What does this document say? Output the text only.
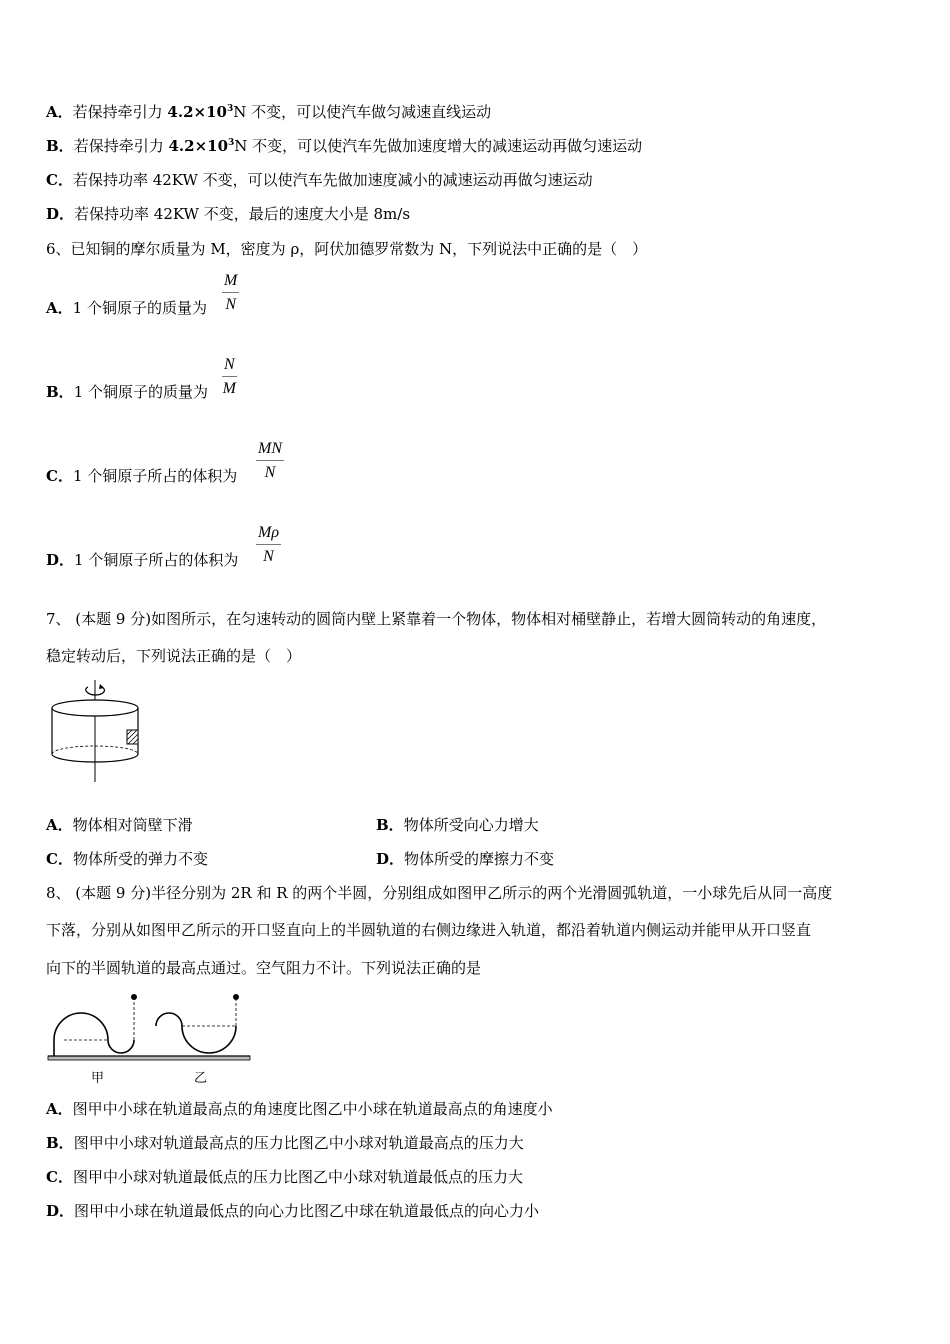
A．若保持牵引力 $4.2\times 10^3N$ 不变，可以使汽车做匀减速直线运动
B．若保持牵引力 $4.2\times 10^3N$ 不变，可以使汽车先做加速度增大的减速运动再做匀速运动
C．若保持功率 42KW 不变，可以使汽车先做加速度减小的减速运动再做匀速运动
D．若保持功率 42KW 不变，最后的速度大小是 8m/s
6、已知铜的摩尔质量为 M，密度为 ρ，阿伏加德罗常数为 N，下列说法中正确的是（　）
A．1 个铜原子的质量为 $\frac{M}{N}$
B．1 个铜原子的质量为 $\frac{N}{M}$
C．1 个铜原子所占的体积为 $\frac{MN}{N}$
D．1 个铜原子所占的体积为 $\frac{M\rho}{N}$
7、 (本题 9 分)如图所示，在匀速转动的圆筒内壁上紧靠着一个物体，物体相对桶壁静止，若增大圆筒转动的角速度，
稳定转动后，下列说法正确的是（　）
A．物体相对筒壁下滑	B．物体所受向心力增大
C．物体所受的弹力不变	D．物体所受的摩擦力不变
8、 (本题 9 分)半径分别为 2R 和 R 的两个半圆，分别组成如图甲乙所示的两个光滑圆弧轨道，一小球先后从同一高度
下落，分别从如图甲乙所示的开口竖直向上的半圆轨道的右侧边缘进入轨道，都沿着轨道内侧运动并能甲从开口竖直
向下的半圆轨道的最高点通过。空气阻力不计。下列说法正确的是
甲	乙
A．图甲中小球在轨道最高点的角速度比图乙中小球在轨道最高点的角速度小
B．图甲中小球对轨道最高点的压力比图乙中小球对轨道最高点的压力大
C．图甲中小球对轨道最低点的压力比图乙中小球对轨道最低点的压力大
D．图甲中小球在轨道最低点的向心力比图乙中球在轨道最低点的向心力小
